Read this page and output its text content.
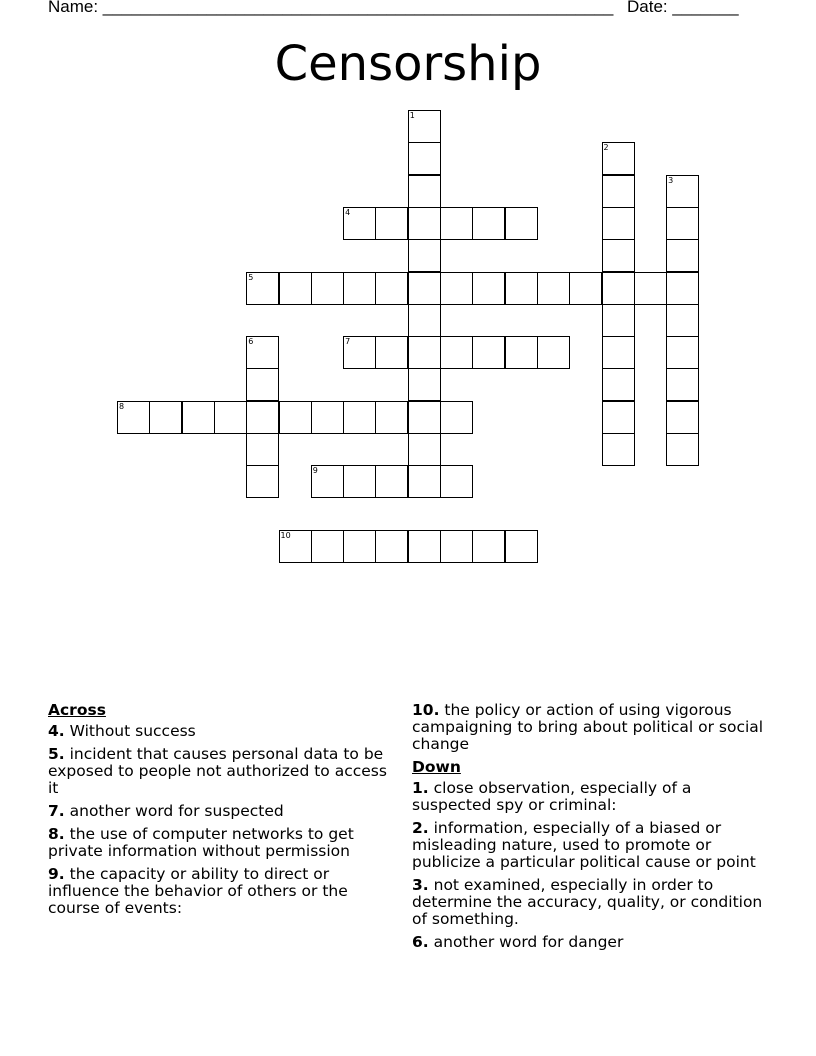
Name: ______________________________________________________ Date: _______
Censorship
1
2
3
4
5
6	7
8
9
10
Across
4. Without success
5. incident that causes personal data to be exposed to people not authorized to access it
7. another word for suspected
8. the use of computer networks to get private information without permission
9. the capacity or ability to direct or influence the behavior of others or the course of events:
10. the policy or action of using vigorous campaigning to bring about political or social change
Down
1. close observation, especially of a suspected spy or criminal:
2. information, especially of a biased or misleading nature, used to promote or publicize a particular political cause or point
3. not examined, especially in order to determine the accuracy, quality, or condition of something.
6. another word for danger
